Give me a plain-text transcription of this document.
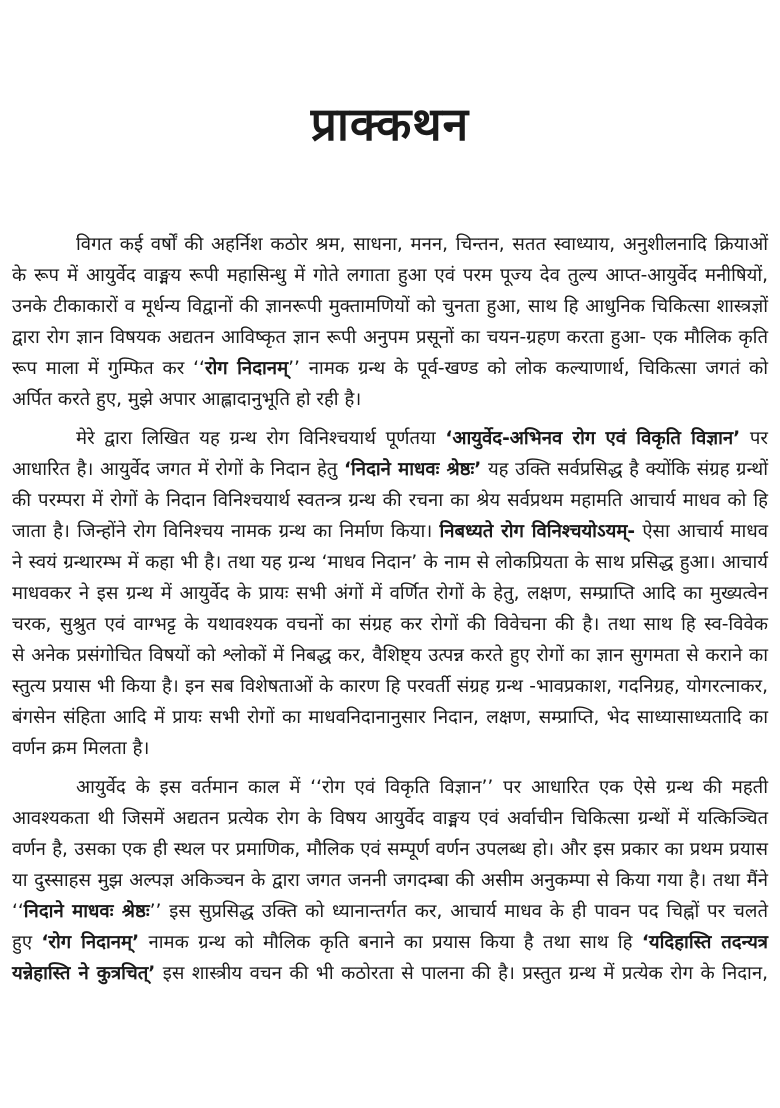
प्राक्कथन
विगत कई वर्षों की अहर्निश कठोर श्रम, साधना, मनन, चिन्तन, सतत स्वाध्याय, अनुशीलनादि क्रियाओं
के रूप में आयुर्वेद वाङ्मय रूपी महासिन्धु में गोते लगाता हुआ एवं परम पूज्य देव तुल्य आप्त-आयुर्वेद मनीषियों,
उनके टीकाकारों व मूर्धन्य विद्वानों की ज्ञानरूपी मुक्तामणियों को चुनता हुआ, साथ हि आधुनिक चिकित्सा शास्त्रज्ञों
द्वारा रोग ज्ञान विषयक अद्यतन आविष्कृत ज्ञान रूपी अनुपम प्रसूनों का चयन-ग्रहण करता हुआ- एक मौलिक कृति
रूप माला में गुम्फित कर ‘‘रोग निदानम्’’ नामक ग्रन्थ के पूर्व-खण्ड को लोक कल्याणार्थ, चिकित्सा जगतं को
अर्पित करते हुए, मुझे अपार आह्लादानुभूति हो रही है।
मेरे द्वारा लिखित यह ग्रन्थ रोग विनिश्चयार्थ पूर्णतया ‘आयुर्वेद-अभिनव रोग एवं विकृति विज्ञान’ पर
आधारित है। आयुर्वेद जगत में रोगों के निदान हेतु ‘निदाने माधवः श्रेष्ठः’ यह उक्ति सर्वप्रसिद्ध है क्योंकि संग्रह ग्रन्थों
की परम्परा में रोगों के निदान विनिश्चयार्थ स्वतन्त्र ग्रन्थ की रचना का श्रेय सर्वप्रथम महामति आचार्य माधव को हि
जाता है। जिन्होंने रोग विनिश्चय नामक ग्रन्थ का निर्माण किया। निबध्यते रोग विनिश्चयोऽयम्- ऐसा आचार्य माधव
ने स्वयं ग्रन्थारम्भ में कहा भी है। तथा यह ग्रन्थ ‘माधव निदान’ के नाम से लोकप्रियता के साथ प्रसिद्ध हुआ। आचार्य
माधवकर ने इस ग्रन्थ में आयुर्वेद के प्रायः सभी अंगों में वर्णित रोगों के हेतु, लक्षण, सम्प्राप्ति आदि का मुख्यत्वेन
चरक, सुश्रुत एवं वाग्भट्ट के यथावश्यक वचनों का संग्रह कर रोगों की विवेचना की है। तथा साथ हि स्व-विवेक
से अनेक प्रसंगोचित विषयों को श्लोकों में निबद्ध कर, वैशिष्ट्य उत्पन्न करते हुए रोगों का ज्ञान सुगमता से कराने का
स्तुत्य प्रयास भी किया है। इन सब विशेषताओं के कारण हि परवर्ती संग्रह ग्रन्थ -भावप्रकाश, गदनिग्रह, योगरत्नाकर,
बंगसेन संहिता आदि में प्रायः सभी रोगों का माधवनिदानानुसार निदान, लक्षण, सम्प्राप्ति, भेद साध्यासाध्यतादि का
वर्णन क्रम मिलता है।
आयुर्वेद के इस वर्तमान काल में ‘‘रोग एवं विकृति विज्ञान’’ पर आधारित एक ऐसे ग्रन्थ की महती
आवश्यकता थी जिसमें अद्यतन प्रत्येक रोग के विषय आयुर्वेद वाङ्मय एवं अर्वाचीन चिकित्सा ग्रन्थों में यत्किञ्चित
वर्णन है, उसका एक ही स्थल पर प्रमाणिक, मौलिक एवं सम्पूर्ण वर्णन उपलब्ध हो। और इस प्रकार का प्रथम प्रयास
या दुस्साहस मुझ अल्पज्ञ अकिञ्चन के द्वारा जगत जननी जगदम्बा की असीम अनुकम्पा से किया गया है। तथा मैंने
‘‘निदाने माधवः श्रेष्ठः’’ इस सुप्रसिद्ध उक्ति को ध्यानान्तर्गत कर, आचार्य माधव के ही पावन पद चिह्नों पर चलते
हुए ‘रोग निदानम्’ नामक ग्रन्थ को मौलिक कृति बनाने का प्रयास किया है तथा साथ हि ‘यदिहास्ति तदन्यत्र
यन्नेहास्ति ने कुत्रचित्’ इस शास्त्रीय वचन की भी कठोरता से पालना की है। प्रस्तुत ग्रन्थ में प्रत्येक रोग के निदान,
